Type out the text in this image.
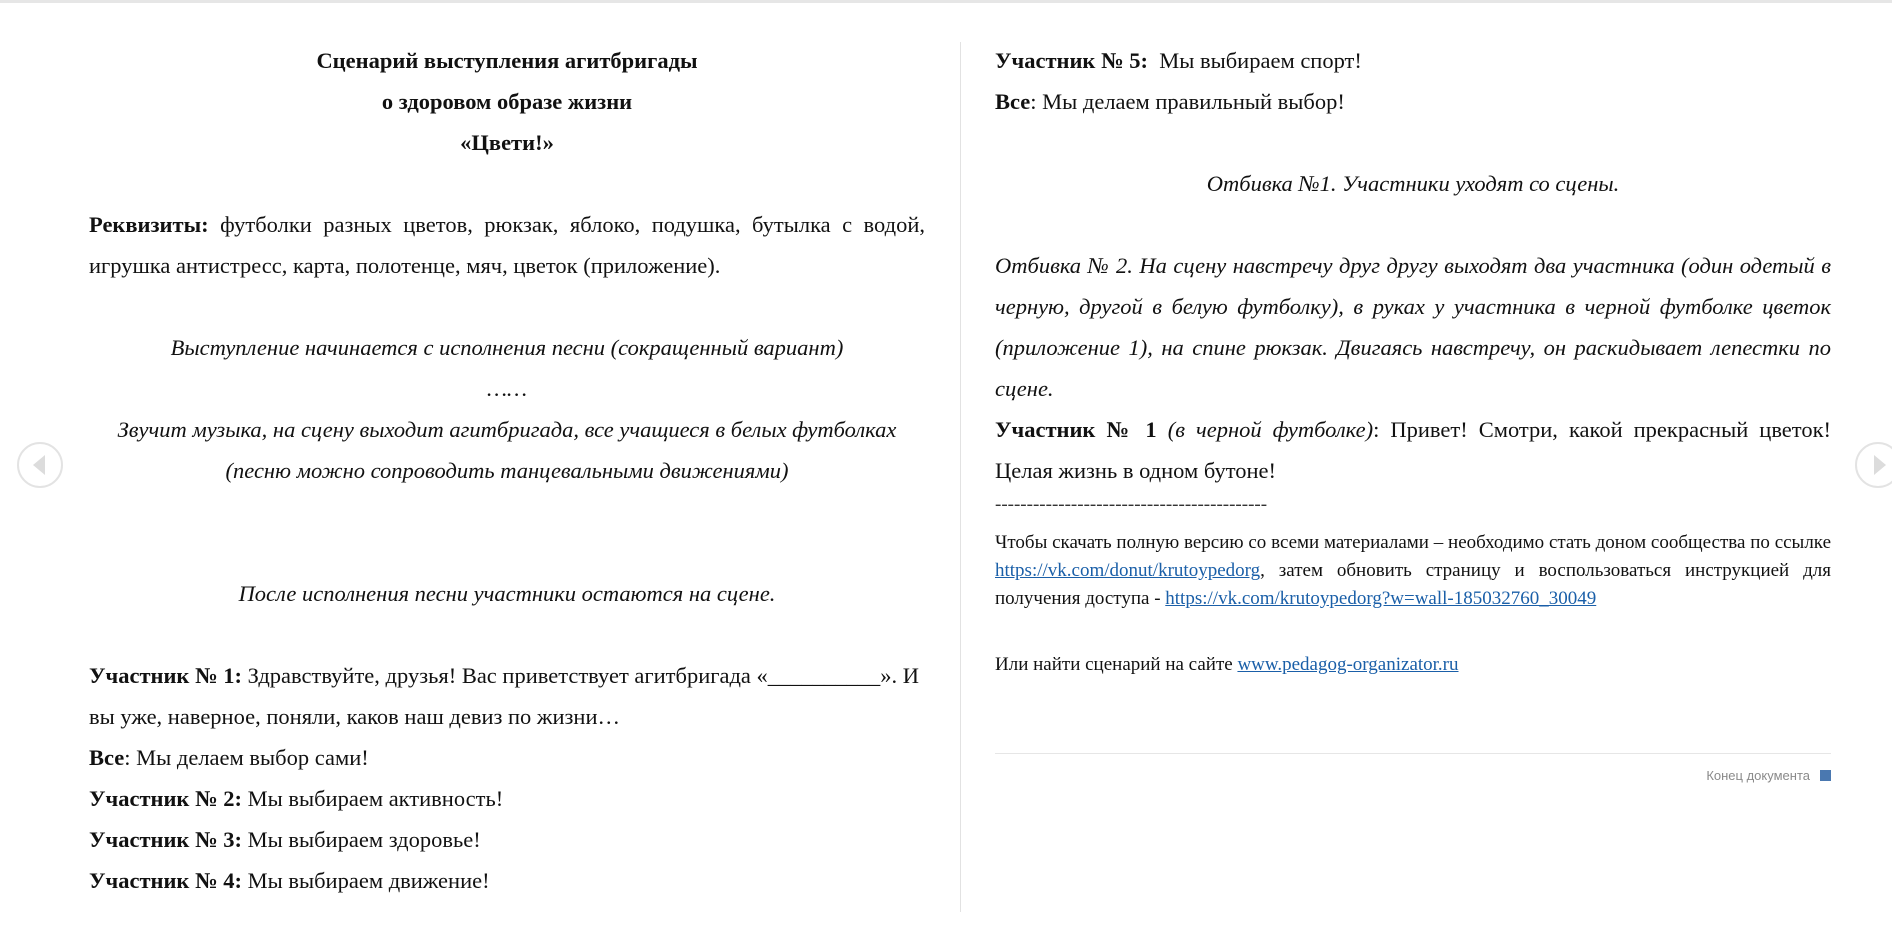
Сценарий выступления агитбригады

о здоровом образе жизни

«Цвети!»

Реквизиты: футболки разных цветов, рюкзак, яблоко, подушка, бутылка с водой, игрушка антистресс, карта, полотенце, мяч, цветок (приложение).

Выступление начинается с исполнения песни (сокращенный вариант)

……

Звучит музыка, на сцену выходит агитбригада, все учащиеся в белых футболках (песню можно сопроводить танцевальными движениями)

После исполнения песни участники остаются на сцене.

Участник № 1: Здравствуйте, друзья! Вас приветствует агитбригада «__________». И вы уже, наверное, поняли, каков наш девиз по жизни…

Все: Мы делаем выбор сами!

Участник № 2: Мы выбираем активность!

Участник № 3: Мы выбираем здоровье!

Участник № 4: Мы выбираем движение!

Участник № 5:  Мы выбираем спорт!

Все: Мы делаем правильный выбор!

Отбивка №1. Участники уходят со сцены.

Отбивка № 2. На сцену навстречу друг другу выходят два участника (один одетый в черную, другой в белую футболку), в руках у участника в черной футболке цветок (приложение 1), на спине рюкзак. Двигаясь навстречу, он раскидывает лепестки по сцене.

Участник № 1 (в черной футболке): Привет! Смотри, какой прекрасный цветок! Целая жизнь в одном бутоне!

-------------------------------------------

Чтобы скачать полную версию со всеми материалами – необходимо стать доном сообщества по ссылке https://vk.com/donut/krutoypedorg, затем обновить страницу и воспользоваться инструкцией для получения доступа - https://vk.com/krutoypedorg?w=wall-185032760_30049

Или найти сценарий на сайте www.pedagog-organizator.ru

Конец документа
